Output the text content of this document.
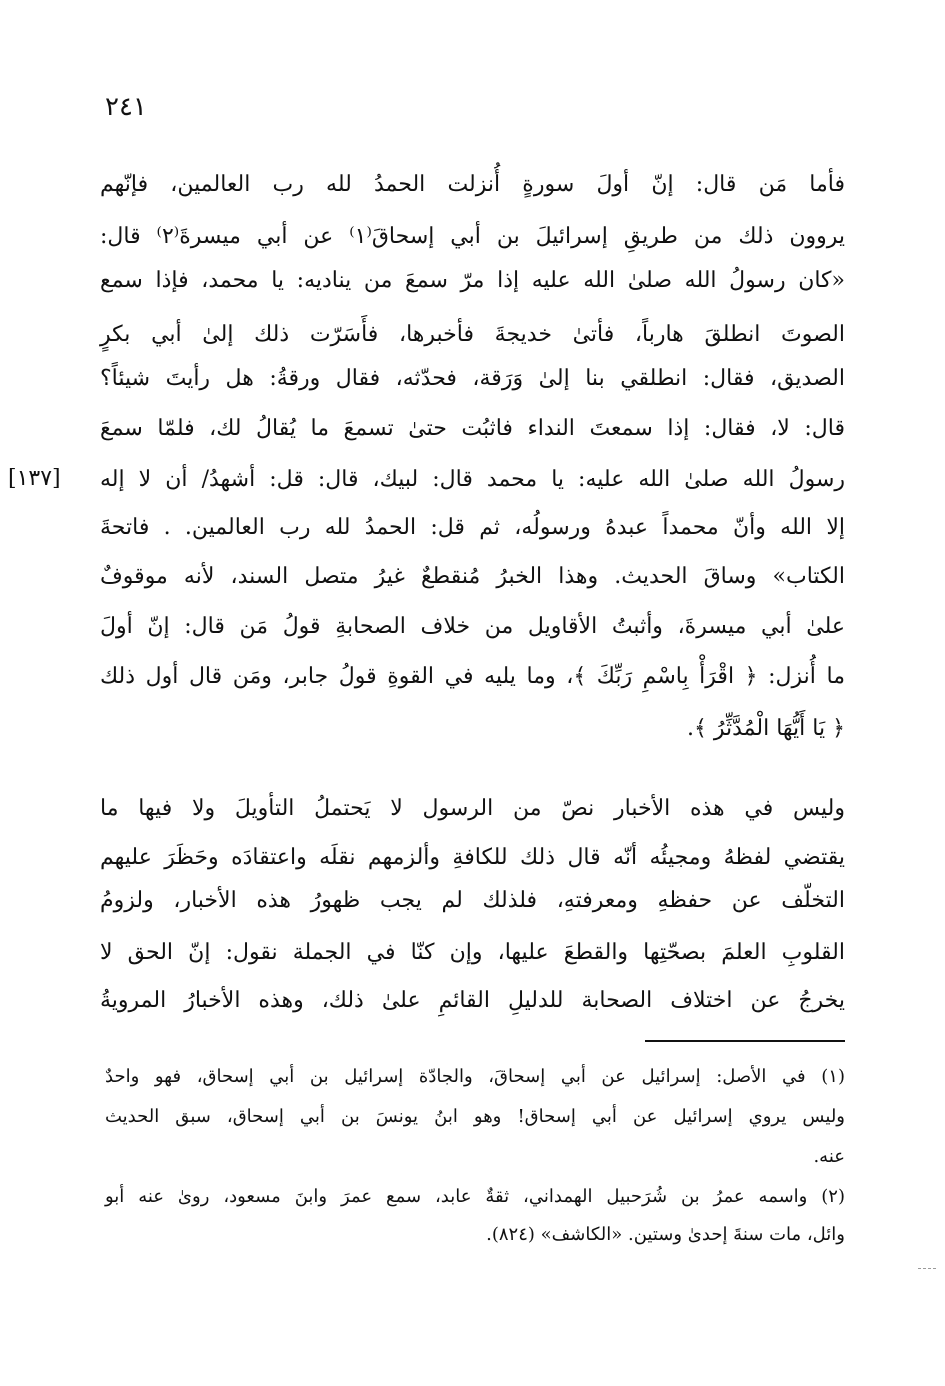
٢٤١
[١٣٧]
فأما مَن قال: إنّ أولَ سورةٍ أُنزلت الحمدُ لله رب العالمين، فإنّهم
يروون ذلك من طريقِ إسرائيلَ بن أبي إسحاقَ⁽١⁾ عن أبي ميسرةَ⁽٢⁾ قال:
«كان رسولُ الله صلىٰ الله عليه إذا مرّ سمعَ من يناديه: يا محمد، فإذا سمع
الصوتَ انطلقَ هارباً، فأتىٰ خديجةَ فأخبرها، فأَسَرّت ذلك إلىٰ أبي بكرٍ
الصديق، فقال: انطلقي بنا إلىٰ وَرَقة، فحدّثه، فقال ورقةُ: هل رأيتَ شيئاً؟
قال: لا، فقال: إذا سمعتَ النداء فاثبُت حتىٰ تسمعَ ما يُقالُ لك، فلمّا سمعَ
رسولُ الله صلىٰ الله عليه: يا محمد قال: لبيك، قال: قل: أشهدُ/ أن لا إله
إلا الله وأنّ محمداً عبدهُ ورسولُه، ثم قل: الحمدُ لله رب العالمين. . فاتحةَ
الكتاب» وساقَ الحديث. وهذا الخبرُ مُنقطعٌ غيرُ متصل السند، لأنه موقوفٌ
علىٰ أبي ميسرةَ، وأثبتُ الأقاويل من خلاف الصحابةِ قولُ مَن قال: إنّ أولَ
ما أُنزل: ﴿ اقْرَأْ بِاسْمِ رَبِّكَ ﴾، وما يليه في القوةِ قولُ جابر، ومَن قال أول ذلك
﴿ يَا أَيُّهَا الْمُدَّثِّرُ ﴾.
وليس في هذه الأخبار نصّ من الرسول لا يَحتملُ التأويلَ ولا فيها ما
يقتضي لفظهُ ومجيئُه أنّه قال ذلك للكافةِ وألزمهم نقلَه واعتقادَه وحَظَرَ عليهم
التخلّف عن حفظهِ ومعرفتهِ، فلذلك لم يجب ظهورُ هذه الأخبار، ولزومُ
القلوبِ العلمَ بصحّتِها والقطعَ عليها، وإن كنّا في الجملة نقول: إنّ الحق لا
يخرجُ عن اختلاف الصحابة للدليلِ القائمِ علىٰ ذلك، وهذه الأخبارُ المرويةُ
(١) في الأصل: إسرائيل عن أبي إسحاقَ، والجادّة إسرائيل بن أبي إسحاق، فهو واحدٌ
وليس يروي إسرائيل عن أبي إسحاق! وهو ابنُ يونسَ بن أبي إسحاق، سبق الحديث
عنه.
(٢) واسمه عمرُ بن شُرَحبيل الهمداني، ثقةٌ عابد، سمع عمرَ وابنَ مسعود، روىٰ عنه أبو
وائل، مات سنةَ إحدىٰ وستين. «الكاشف» (٨٢٤).
